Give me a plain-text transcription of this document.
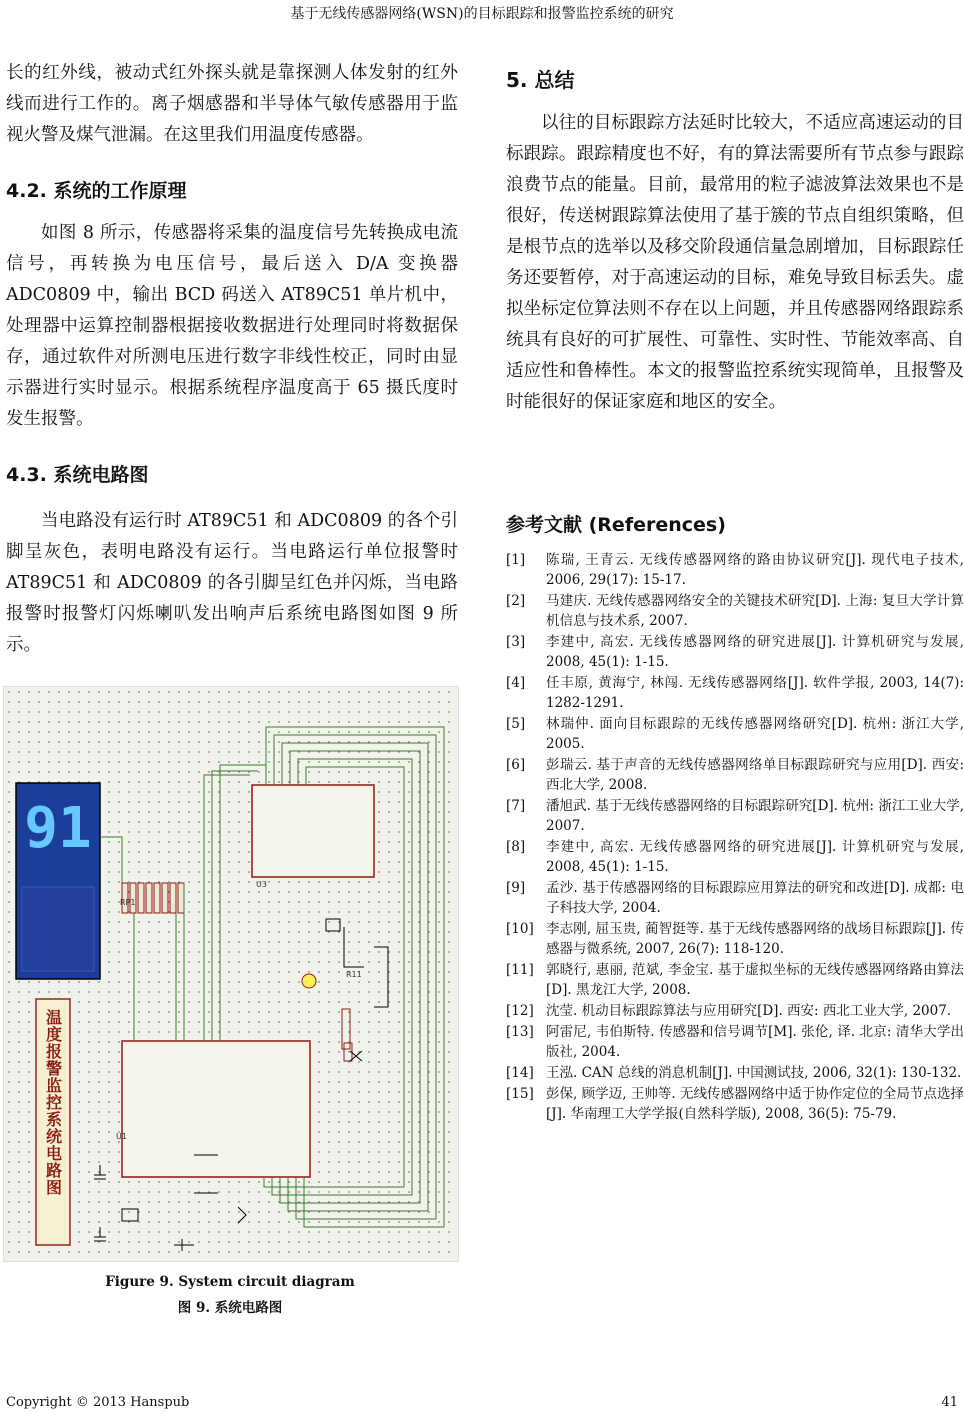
基于无线传感器网络(WSN)的目标跟踪和报警监控系统的研究

长的红外线，被动式红外探头就是靠探测人体发射的红外线而进行工作的。离子烟感器和半导体气敏传感器用于监视火警及煤气泄漏。在这里我们用温度传感器。

4.2. 系统的工作原理

如图 8 所示，传感器将采集的温度信号先转换成电流信号，再转换为电压信号，最后送入 D/A 变换器 ADC0809 中，输出 BCD 码送入 AT89C51 单片机中，处理器中运算控制器根据接收数据进行处理同时将数据保存，通过软件对所测电压进行数字非线性校正，同时由显示器进行实时显示。根据系统程序温度高于 65 摄氏度时发生报警。

4.3. 系统电路图

当电路没有运行时 AT89C51 和 ADC0809 的各个引脚呈灰色，表明电路没有运行。当电路运行单位报警时 AT89C51 和 ADC0809 的各引脚呈红色并闪烁，当电路报警时报警灯闪烁喇叭发出响声后系统电路图如图 9 所示。

91
温度报警监控系统电路图
U3
U1
RP1
R11
Figure 9. System circuit diagram
图 9. 系统电路图
5. 总结

以往的目标跟踪方法延时比较大，不适应高速运动的目标跟踪。跟踪精度也不好，有的算法需要所有节点参与跟踪浪费节点的能量。目前，最常用的粒子滤波算法效果也不是很好，传送树跟踪算法使用了基于簇的节点自组织策略，但是根节点的选举以及移交阶段通信量急剧增加，目标跟踪任务还要暂停，对于高速运动的目标，难免导致目标丢失。虚拟坐标定位算法则不存在以上问题，并且传感器网络跟踪系统具有良好的可扩展性、可靠性、实时性、节能效率高、自适应性和鲁棒性。本文的报警监控系统实现简单，且报警及时能很好的保证家庭和地区的安全。

参考文献 (References)
[1]	陈瑞, 王青云. 无线传感器网络的路由协议研究[J]. 现代电子技术, 2006, 29(17): 15-17.
[2]	马建庆. 无线传感器网络安全的关键技术研究[D]. 上海: 复旦大学计算机信息与技术系, 2007.
[3]	李建中, 高宏. 无线传感器网络的研究进展[J]. 计算机研究与发展, 2008, 45(1): 1-15.
[4]	任丰原, 黄海宁, 林闯. 无线传感器网络[J]. 软件学报, 2003, 14(7): 1282-1291.
[5]	林瑞仲. 面向目标跟踪的无线传感器网络研究[D]. 杭州: 浙江大学, 2005.
[6]	彭瑞云. 基于声音的无线传感器网络单目标跟踪研究与应用[D]. 西安: 西北大学, 2008.
[7]	潘旭武. 基于无线传感器网络的目标跟踪研究[D]. 杭州: 浙江工业大学, 2007.
[8]	李建中, 高宏. 无线传感器网络的研究进展[J]. 计算机研究与发展, 2008, 45(1): 1-15.
[9]	孟沙. 基于传感器网络的目标跟踪应用算法的研究和改进[D]. 成都: 电子科技大学, 2004.
[10] 李志刚, 屈玉贵, 蔺智挺等. 基于无线传感器网络的战场目标跟踪[J]. 传感器与微系统, 2007, 26(7): 118-120.
[11] 郭晓行, 惠丽, 范斌, 李金宝. 基于虚拟坐标的无线传感器网络路由算法[D]. 黑龙江大学, 2008.
[12] 沈莹. 机动目标跟踪算法与应用研究[D]. 西安: 西北工业大学, 2007.
[13] 阿雷尼, 韦伯斯特. 传感器和信号调节[M]. 张伦, 译. 北京: 清华大学出版社, 2004.
[14] 王泓. CAN 总线的消息机制[J]. 中国测试技, 2006, 32(1): 130-132.
[15] 彭保, 顾学迈, 王帅等. 无线传感器网络中适于协作定位的全局节点选择[J]. 华南理工大学学报(自然科学版), 2008, 36(5): 75-79.
Copyright © 2013 Hanspub	41
